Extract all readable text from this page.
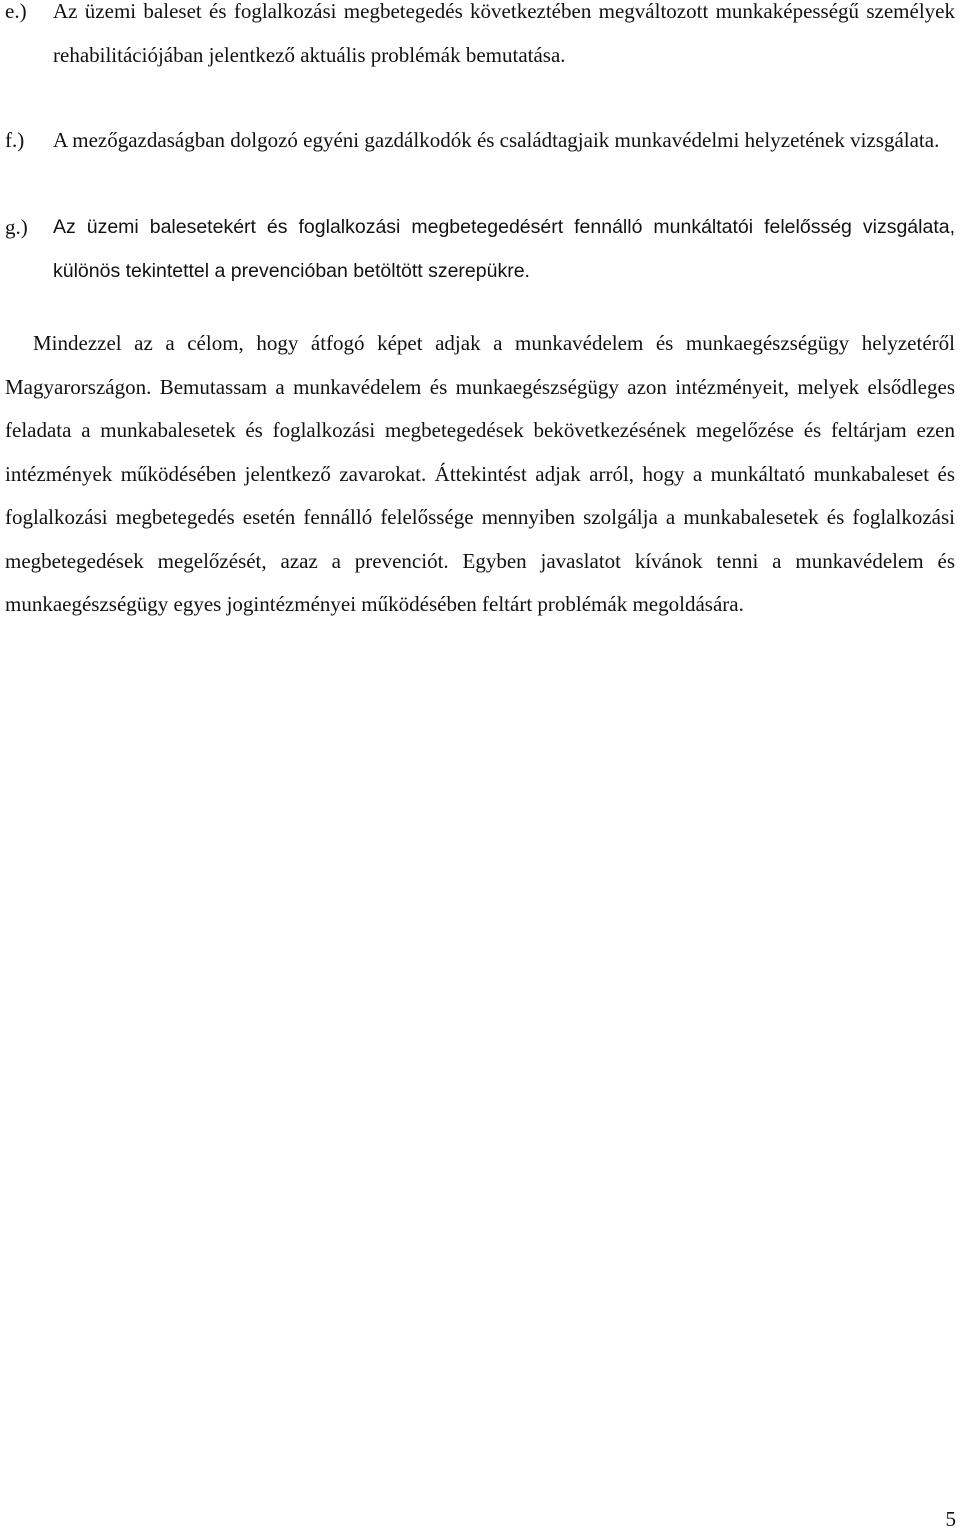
e.)	Az üzemi baleset és foglalkozási megbetegedés következtében megváltozott munkaképességű személyek rehabilitációjában jelentkező aktuális problémák bemutatása.
f.)	A mezőgazdaságban dolgozó egyéni gazdálkodók és családtagjaik munkavédelmi helyzetének vizsgálata.
g.)	Az üzemi balesetekért és foglalkozási megbetegedésért fennálló munkáltatói felelősség vizsgálata, különös tekintettel a prevencióban betöltött szerepükre.

Mindezzel az a célom, hogy átfogó képet adjak a munkavédelem és munkaegészségügy helyzetéről Magyarországon. Bemutassam a munkavédelem és munkaegészségügy azon intézményeit, melyek elsődleges feladata a munkabalesetek és foglalkozási megbetegedések bekövetkezésének megelőzése és feltárjam ezen intézmények működésében jelentkező zavarokat. Áttekintést adjak arról, hogy a munkáltató munkabaleset és foglalkozási megbetegedés esetén fennálló felelőssége mennyiben szolgálja a munkabalesetek és foglalkozási megbetegedések megelőzését, azaz a prevenciót. Egyben javaslatot kívánok tenni a munkavédelem és munkaegészségügy egyes jogintézményei működésében feltárt problémák megoldására.

5
